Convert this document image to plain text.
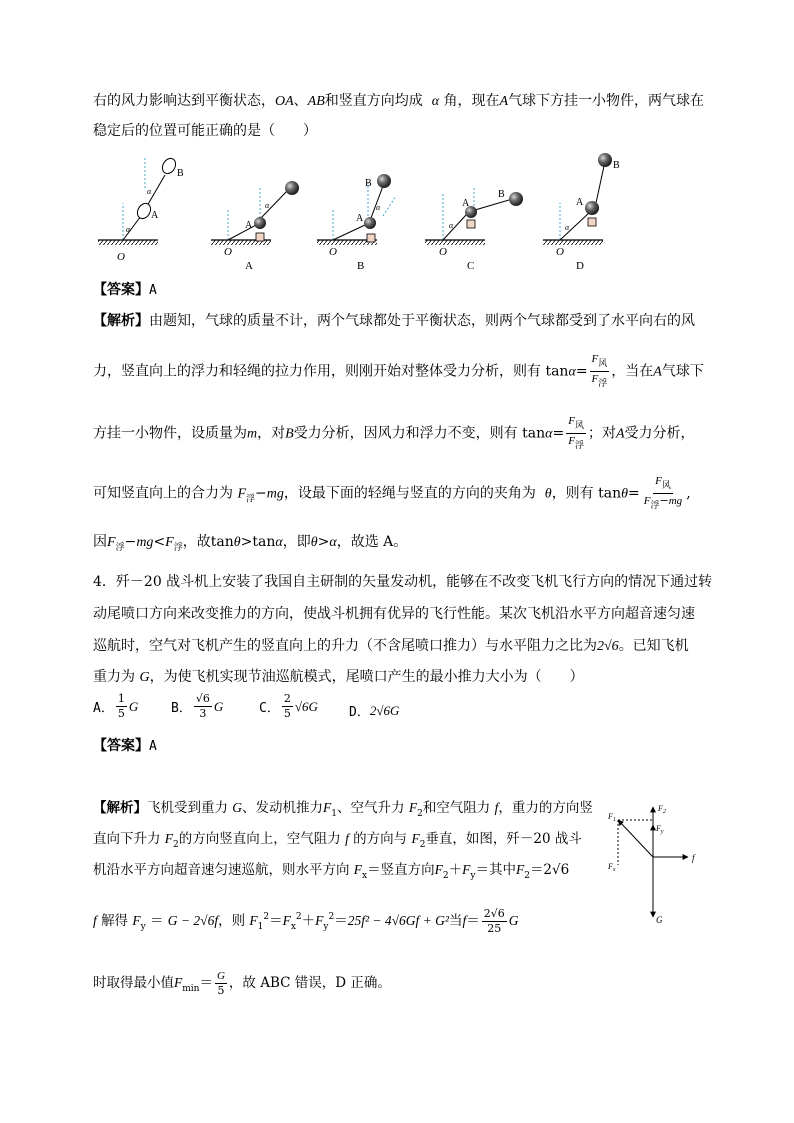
右的风力影响达到平衡状态，OA、AB和竖直方向均成 α 角，现在A气球下方挂一小物件，两气球在
稳定后的位置可能正确的是（　　）
O
A
B
α
α
O
A
α
A
O
A
B
α
B
O
A
B
α
C
O
A
B
α
D
【答案】A
【解析】由题知，气球的质量不计，两个气球都处于平衡状态，则两个气球都受到了水平向右的风
力，竖直向上的浮力和轻绳的拉力作用，则刚开始对整体受力分析，则有 $\tan\alpha= \frac{F_风}{F_浮}$ ，当在A气球下
方挂一小物件，设质量为m，对B受力分析，因风力和浮力不变，则有 $\tan\alpha= \frac{F_风}{F_浮}$ ；对A受力分析，
可知竖直向上的合力为 $F_浮-mg$，设最下面的轻绳与竖直的方向的夹角为 θ，则有 $\tan\theta= \frac{F_风}{F_浮-mg}$ ,
因$F_浮-mg<F_浮$，故tanθ>tanα，即θ>α，故选 A。
4．歼－20 战斗机上安装了我国自主研制的矢量发动机，能够在不改变飞机飞行方向的情况下通过转
动尾喷口方向来改变推力的方向，使战斗机拥有优异的飞行性能。某次飞机沿水平方向超音速匀速
巡航时，空气对飞机产生的竖直向上的升力（不含尾喷口推力）与水平阻力之比为2√6。已知飞机
重力为 G，为使飞机实现节油巡航模式，尾喷口产生的最小推力大小为（　　）
A． $\frac{1}{5}$ G	B． $\frac{√6}{3}$ G	C． $\frac{2}{5} √6G$ D． 2√6G
【答案】A
【解析】飞机受到重力 G、发动机推力$F_1$、空气升力 $F_2$和空气阻力 f，重力的方向竖
直向下升力 $F_2$的方向竖直向上，空气阻力 f 的方向与 $F_2$垂直，如图，歼－20 战斗
机沿水平方向超音速匀速巡航，则水平方向 $F_x=$竖直方向$F_2+F_y=$其中$F_2=2√6$
f 解得 $F_y = G - 2√6f$，则 $F_1^2=F_x^2+F_y^2=25f^2 - 4√6Gf + G^2$当$f= \frac{2√6}{25}$ G
时取得最小值$F_{min}= \frac{G}{5}$ ，故 ABC 错误，D 正确。
$F_2$
$F_y$
$F_1$
$F_x$
f
G
